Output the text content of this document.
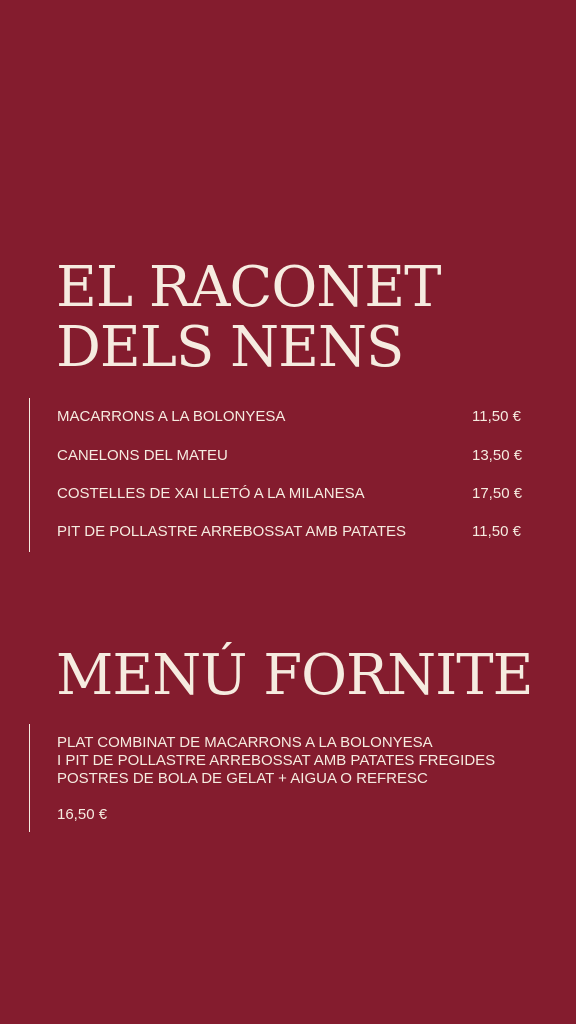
EL RACONET
DELS NENS
MACARRONS A LA BOLONYESA	11,50 €
CANELONS DEL MATEU	13,50 €
COSTELLES DE XAI LLETÓ A LA MILANESA	17,50 €
PIT DE POLLASTRE ARREBOSSAT AMB PATATES	11,50 €
MENÚ FORNITE
PLAT COMBINAT DE MACARRONS A LA BOLONYESA
I PIT DE POLLASTRE ARREBOSSAT AMB PATATES FREGIDES
POSTRES DE BOLA DE GELAT + AIGUA O REFRESC
16,50 €
